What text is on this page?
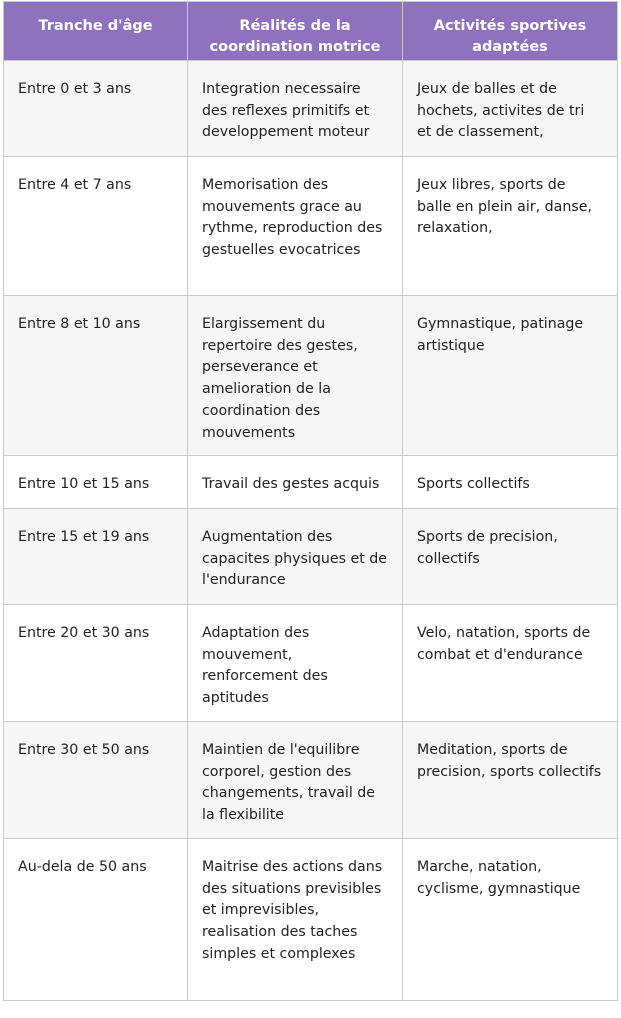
Tranche d'âge	Réalités de la coordination motrice	Activités sportives adaptées
Entre 0 et 3 ans	Integration necessaire des reflexes primitifs et developpement moteur	Jeux de balles et de hochets, activites de tri et de classement,
Entre 4 et 7 ans	Memorisation des mouvements grace au rythme, reproduction des gestuelles evocatrices	Jeux libres, sports de balle en plein air, danse, relaxation,
Entre 8 et 10 ans	Elargissement du repertoire des gestes, perseverance et amelioration de la coordination des mouvements	Gymnastique, patinage artistique
Entre 10 et 15 ans	Travail des gestes acquis	Sports collectifs
Entre 15 et 19 ans	Augmentation des capacites physiques et de l'endurance	Sports de precision, collectifs
Entre 20 et 30 ans	Adaptation des mouvement, renforcement des aptitudes	Velo, natation, sports de combat et d'endurance
Entre 30 et 50 ans	Maintien de l'equilibre corporel, gestion des changements, travail de la flexibilite	Meditation, sports de precision, sports collectifs
Au-dela de 50 ans	Maitrise des actions dans des situations previsibles et imprevisibles, realisation des taches simples et complexes	Marche, natation, cyclisme, gymnastique
